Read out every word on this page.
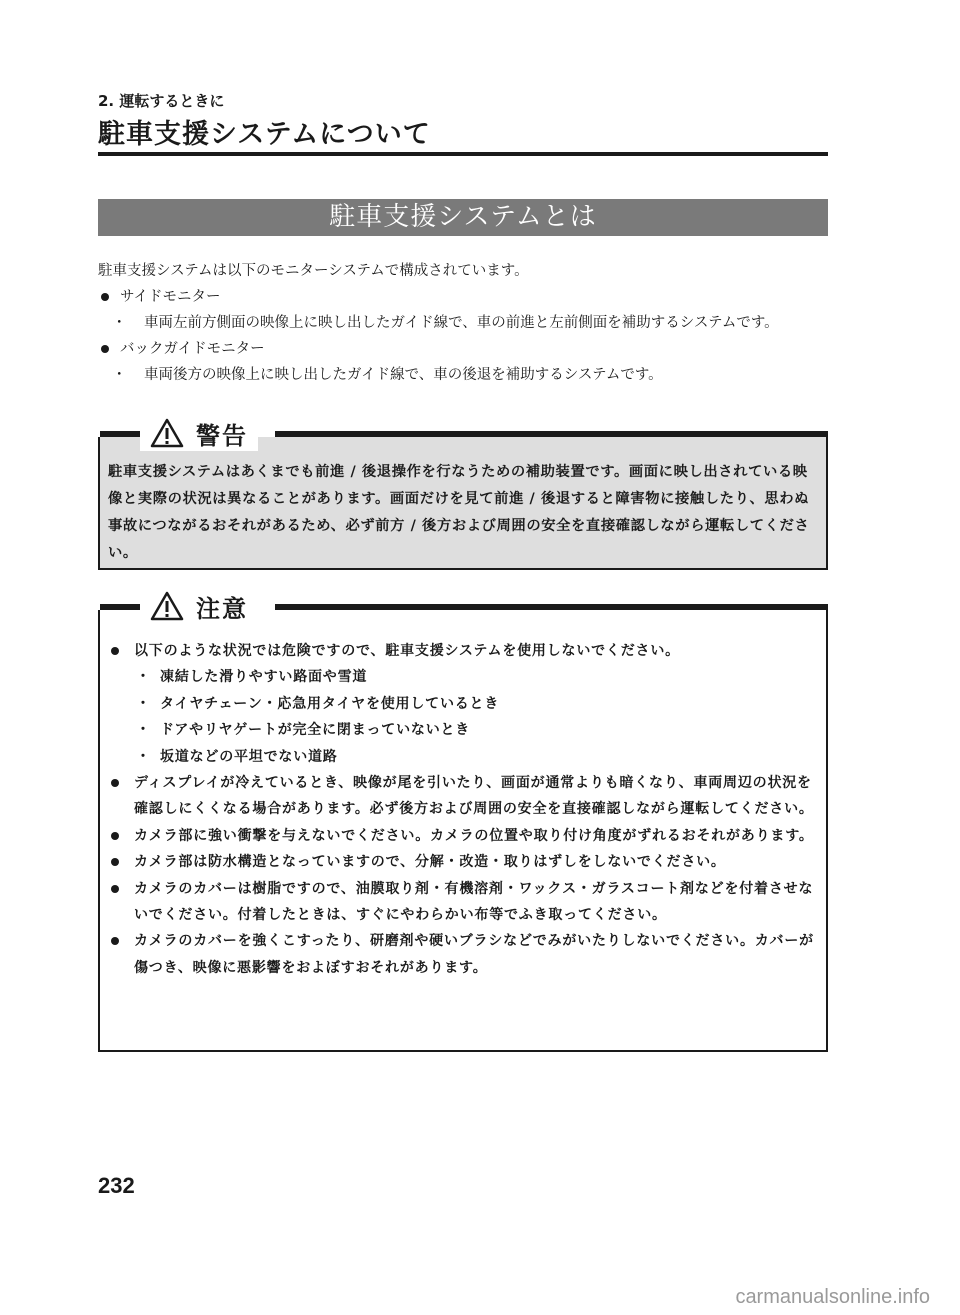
2. 運転するときに
駐車支援システムについて
駐車支援システムとは

駐車支援システムは以下のモニターシステムで構成されています。

サイドモニター

・ 車両左前方側面の映像上に映し出したガイド線で、車の前進と左前側面を補助するシステムです。

バックガイドモニター

・ 車両後方の映像上に映し出したガイド線で、車の後退を補助するシステムです。

警告
駐車支援システムはあくまでも前進 / 後退操作を行なうための補助装置です。画面に映し出されている映像と実際の状況は異なることがあります。画面だけを見て前進 / 後退すると障害物に接触したり、思わぬ事故につながるおそれがあるため、必ず前方 / 後方および周囲の安全を直接確認しながら運転してください。
注意

以下のような状況では危険ですので、駐車支援システムを使用しないでください。

・ 凍結した滑りやすい路面や雪道

・ タイヤチェーン・応急用タイヤを使用しているとき

・ ドアやリヤゲートが完全に閉まっていないとき

・ 坂道などの平坦でない道路

ディスプレイが冷えているとき、映像が尾を引いたり、画面が通常よりも暗くなり、車両周辺の状況を確認しにくくなる場合があります。必ず後方および周囲の安全を直接確認しながら運転してください。

カメラ部に強い衝撃を与えないでください。カメラの位置や取り付け角度がずれるおそれがあります。

カメラ部は防水構造となっていますので、分解・改造・取りはずしをしないでください。

カメラのカバーは樹脂ですので、油膜取り剤・有機溶剤・ワックス・ガラスコート剤などを付着させないでください。付着したときは、すぐにやわらかい布等でふき取ってください。

カメラのカバーを強くこすったり、研磨剤や硬いブラシなどでみがいたりしないでください。カバーが傷つき、映像に悪影響をおよぼすおそれがあります。

232
carmanualsonline.info
